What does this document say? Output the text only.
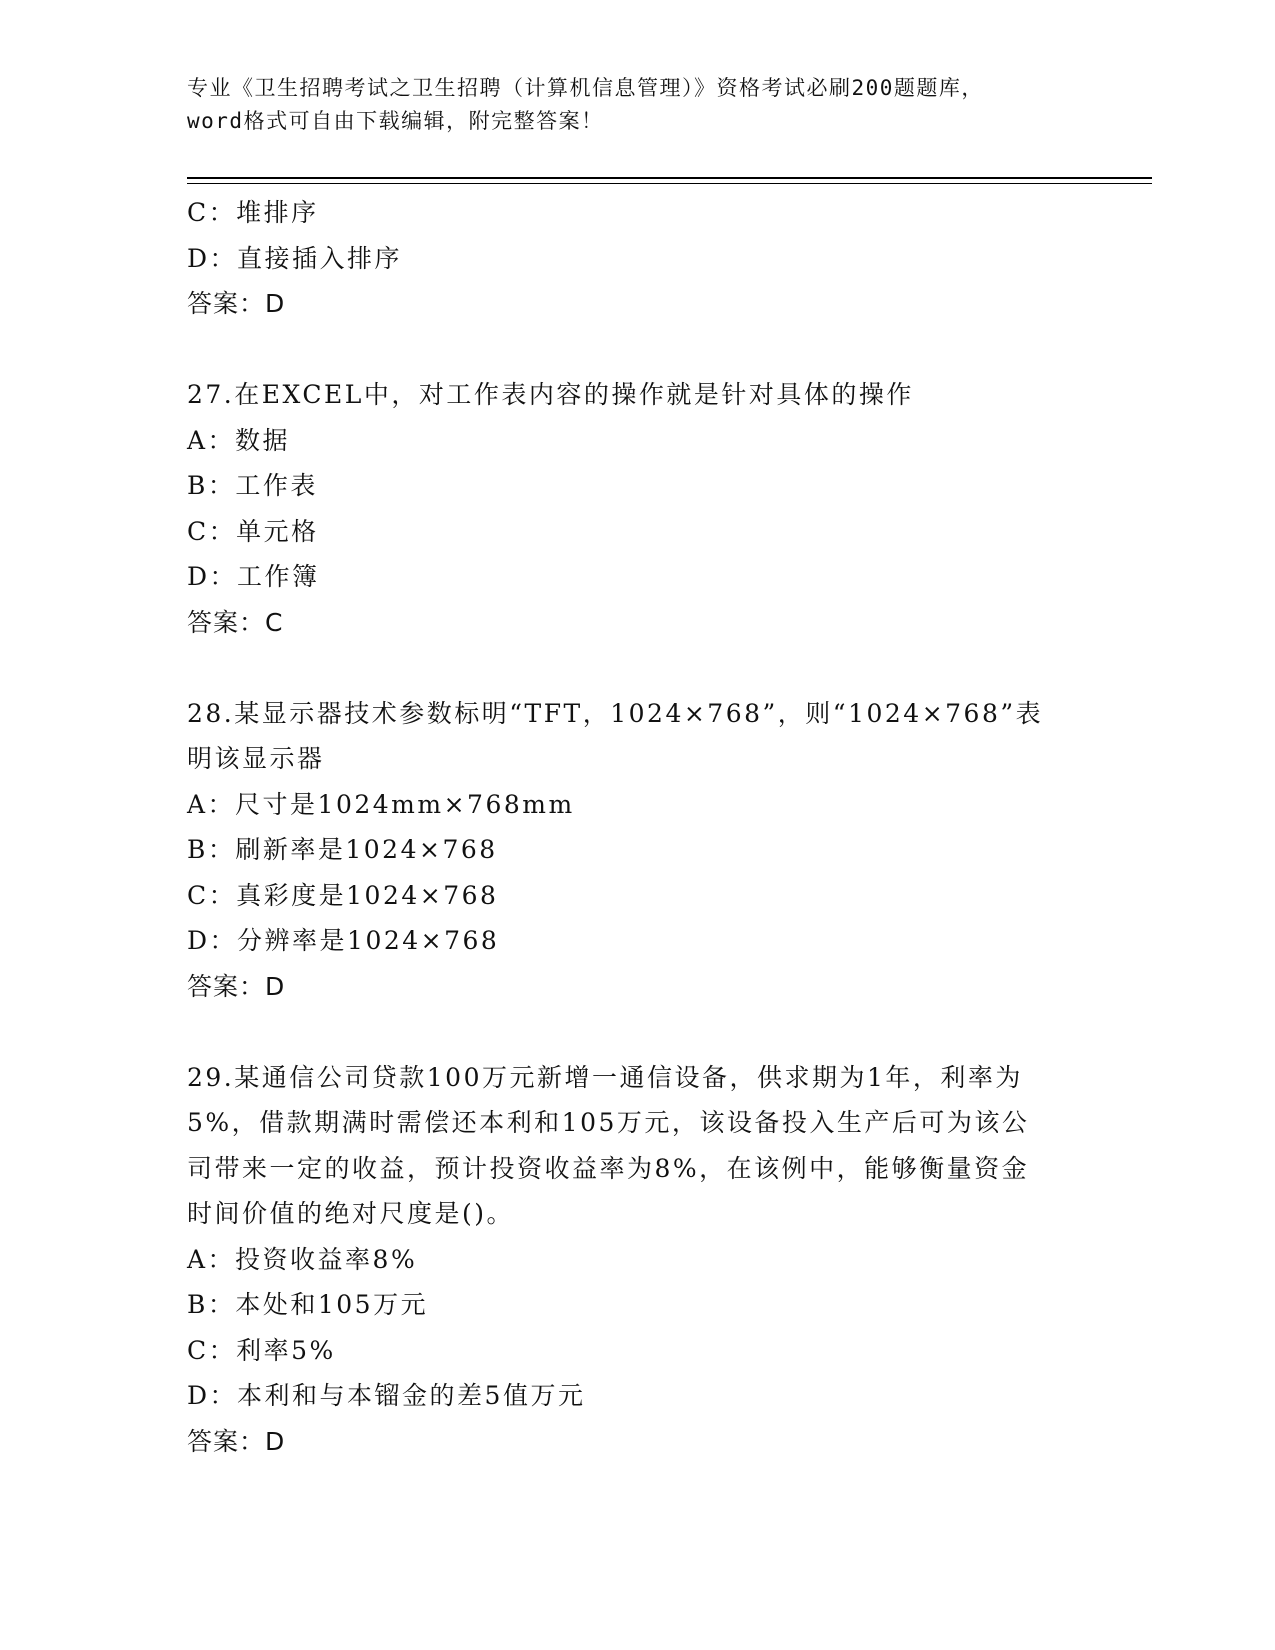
专业《卫生招聘考试之卫生招聘（计算机信息管理）》资格考试必刷200题题库，
word格式可自由下载编辑，附完整答案！
C：堆排序
D：直接插入排序
答案：D
27.在EXCEL中，对工作表内容的操作就是针对具体的操作
A：数据
B：工作表
C：单元格
D：工作簿
答案：C
28.某显示器技术参数标明“TFT，1024×768”，则“1024×768”表
明该显示器
A：尺寸是1024mm×768mm
B：刷新率是1024×768
C：真彩度是1024×768
D：分辨率是1024×768
答案：D
29.某通信公司贷款100万元新增一通信设备，供求期为1年，利率为
5%，借款期满时需偿还本利和105万元，该设备投入生产后可为该公
司带来一定的收益，预计投资收益率为8%，在该例中，能够衡量资金
时间价值的绝对尺度是()。
A：投资收益率8%
B：本处和105万元
C：利率5%
D：本利和与本镏金的差5值万元
答案：D
